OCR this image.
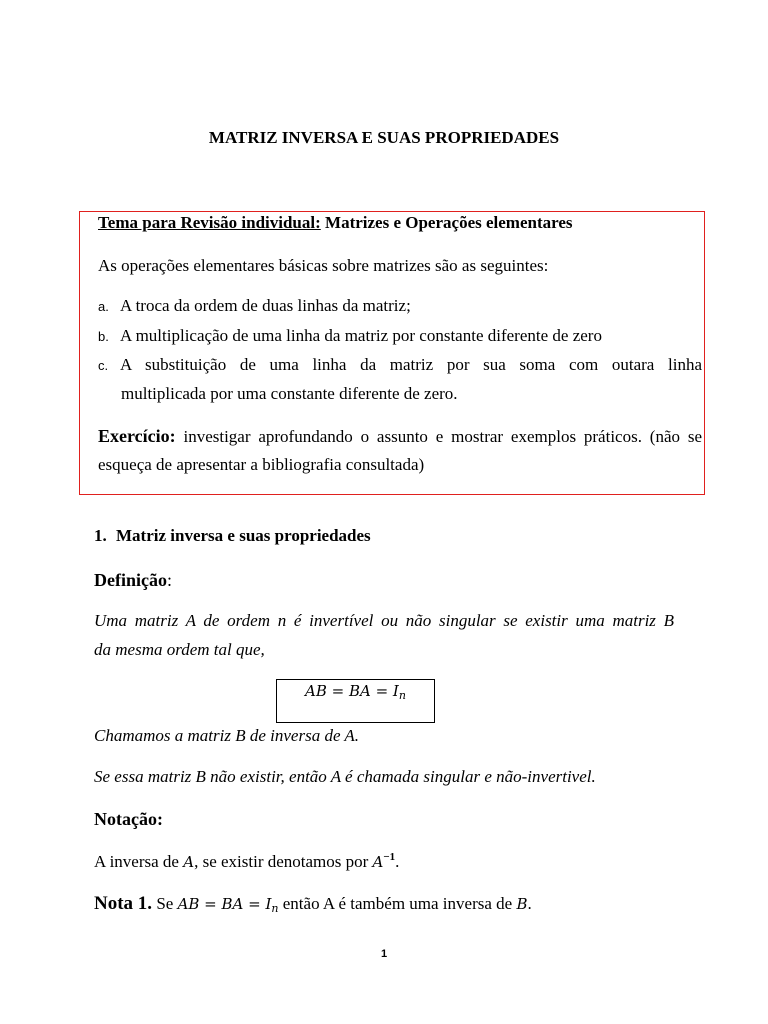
MATRIZ INVERSA E SUAS PROPRIEDADES
Tema para Revisão individual: Matrizes e Operações elementares
As operações elementares básicas sobre matrizes são as seguintes:
a. A troca da ordem de duas linhas da matriz;
b. A multiplicação de uma linha da matriz por constante diferente de zero
c. A substituição de uma linha da matriz por sua soma com outara linha
multiplicada por uma constante diferente de zero.
Exercício: investigar aprofundando o assunto e mostrar exemplos práticos. (não se
esqueça de apresentar a bibliografia consultada)
1. Matriz inversa e suas propriedades
Definição:
Uma matriz A de ordem n é invertível ou não singular se existir uma matriz B
da mesma ordem tal que,
AB = BA = $I_n$
Chamamos a matriz B de inversa de A.
Se essa matriz B não existir, então A é chamada singular e não-invertivel.
Notação:
A inversa de A, se existir denotamos por $A^{-1}$.
Nota 1. Se AB = BA = $I_n$ então A é também uma inversa de B.
1
